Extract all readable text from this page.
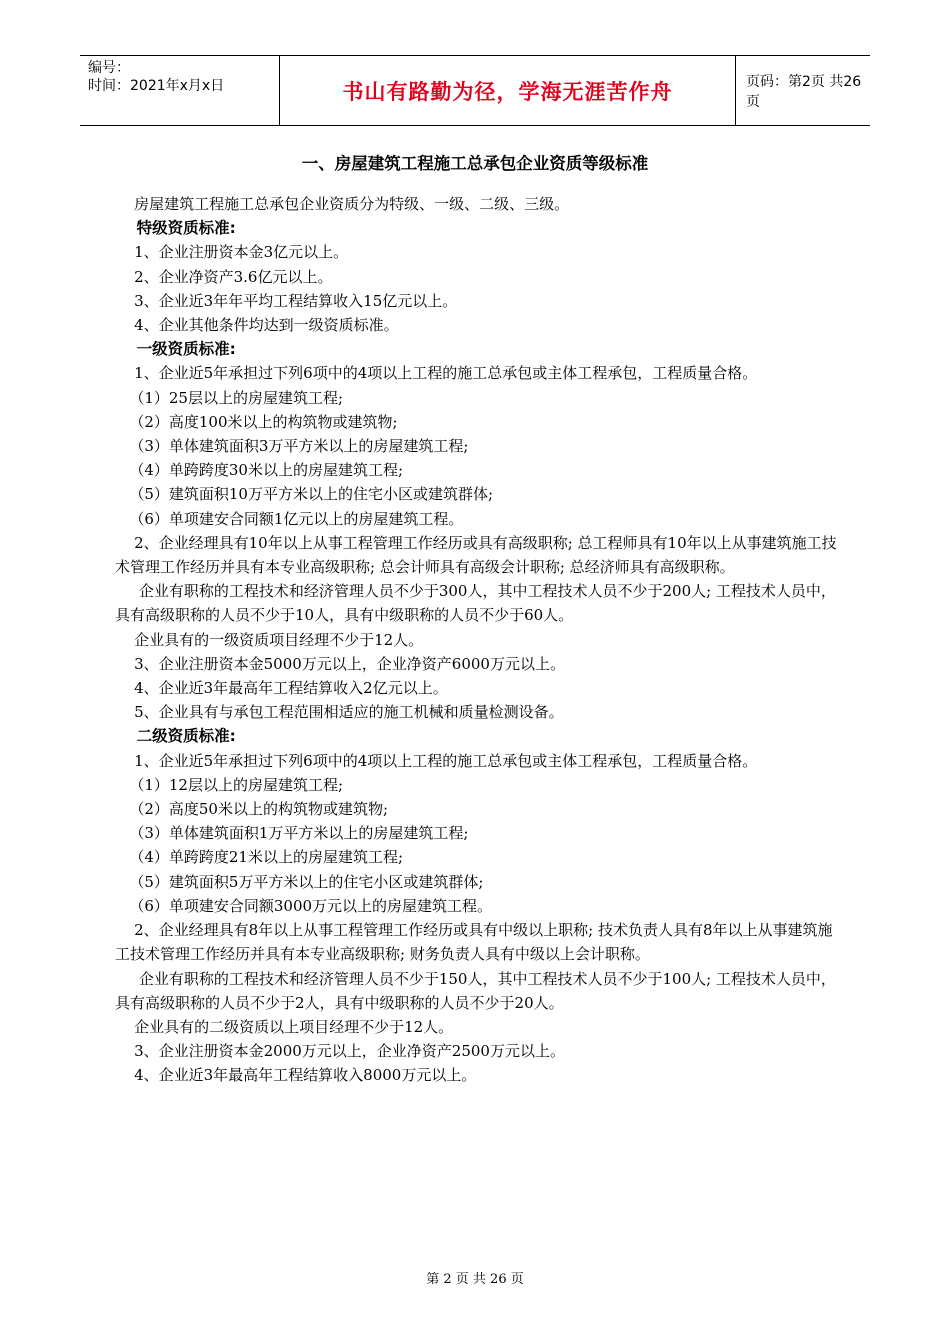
编号：
时间：2021年x月x日	书山有路勤为径，学海无涯苦作舟	页码：第2页 共26页
一、房屋建筑工程施工总承包企业资质等级标准

房屋建筑工程施工总承包企业资质分为特级、一级、二级、三级。

特级资质标准:

1、企业注册资本金3亿元以上。

2、企业净资产3.6亿元以上。

3、企业近3年年平均工程结算收入15亿元以上。

4、企业其他条件均达到一级资质标准。

一级资质标准:

1、企业近5年承担过下列6项中的4项以上工程的施工总承包或主体工程承包，工程质量合格。

（1）25层以上的房屋建筑工程;

（2）高度100米以上的构筑物或建筑物;

（3）单体建筑面积3万平方米以上的房屋建筑工程;

（4）单跨跨度30米以上的房屋建筑工程;

（5）建筑面积10万平方米以上的住宅小区或建筑群体;

（6）单项建安合同额1亿元以上的房屋建筑工程。

2、企业经理具有10年以上从事工程管理工作经历或具有高级职称; 总工程师具有10年以上从事建筑施工技术管理工作经历并具有本专业高级职称; 总会计师具有高级会计职称; 总经济师具有高级职称。

企业有职称的工程技术和经济管理人员不少于300人，其中工程技术人员不少于200人; 工程技术人员中，具有高级职称的人员不少于10人，具有中级职称的人员不少于60人。

企业具有的一级资质项目经理不少于12人。

3、企业注册资本金5000万元以上，企业净资产6000万元以上。

4、企业近3年最高年工程结算收入2亿元以上。

5、企业具有与承包工程范围相适应的施工机械和质量检测设备。

二级资质标准:

1、企业近5年承担过下列6项中的4项以上工程的施工总承包或主体工程承包，工程质量合格。

（1）12层以上的房屋建筑工程;

（2）高度50米以上的构筑物或建筑物;

（3）单体建筑面积1万平方米以上的房屋建筑工程;

（4）单跨跨度21米以上的房屋建筑工程;

（5）建筑面积5万平方米以上的住宅小区或建筑群体;

（6）单项建安合同额3000万元以上的房屋建筑工程。

2、企业经理具有8年以上从事工程管理工作经历或具有中级以上职称; 技术负责人具有8年以上从事建筑施工技术管理工作经历并具有本专业高级职称; 财务负责人具有中级以上会计职称。

企业有职称的工程技术和经济管理人员不少于150人，其中工程技术人员不少于100人; 工程技术人员中，具有高级职称的人员不少于2人，具有中级职称的人员不少于20人。

企业具有的二级资质以上项目经理不少于12人。

3、企业注册资本金2000万元以上，企业净资产2500万元以上。

4、企业近3年最高年工程结算收入8000万元以上。

第 2 页 共 26 页
